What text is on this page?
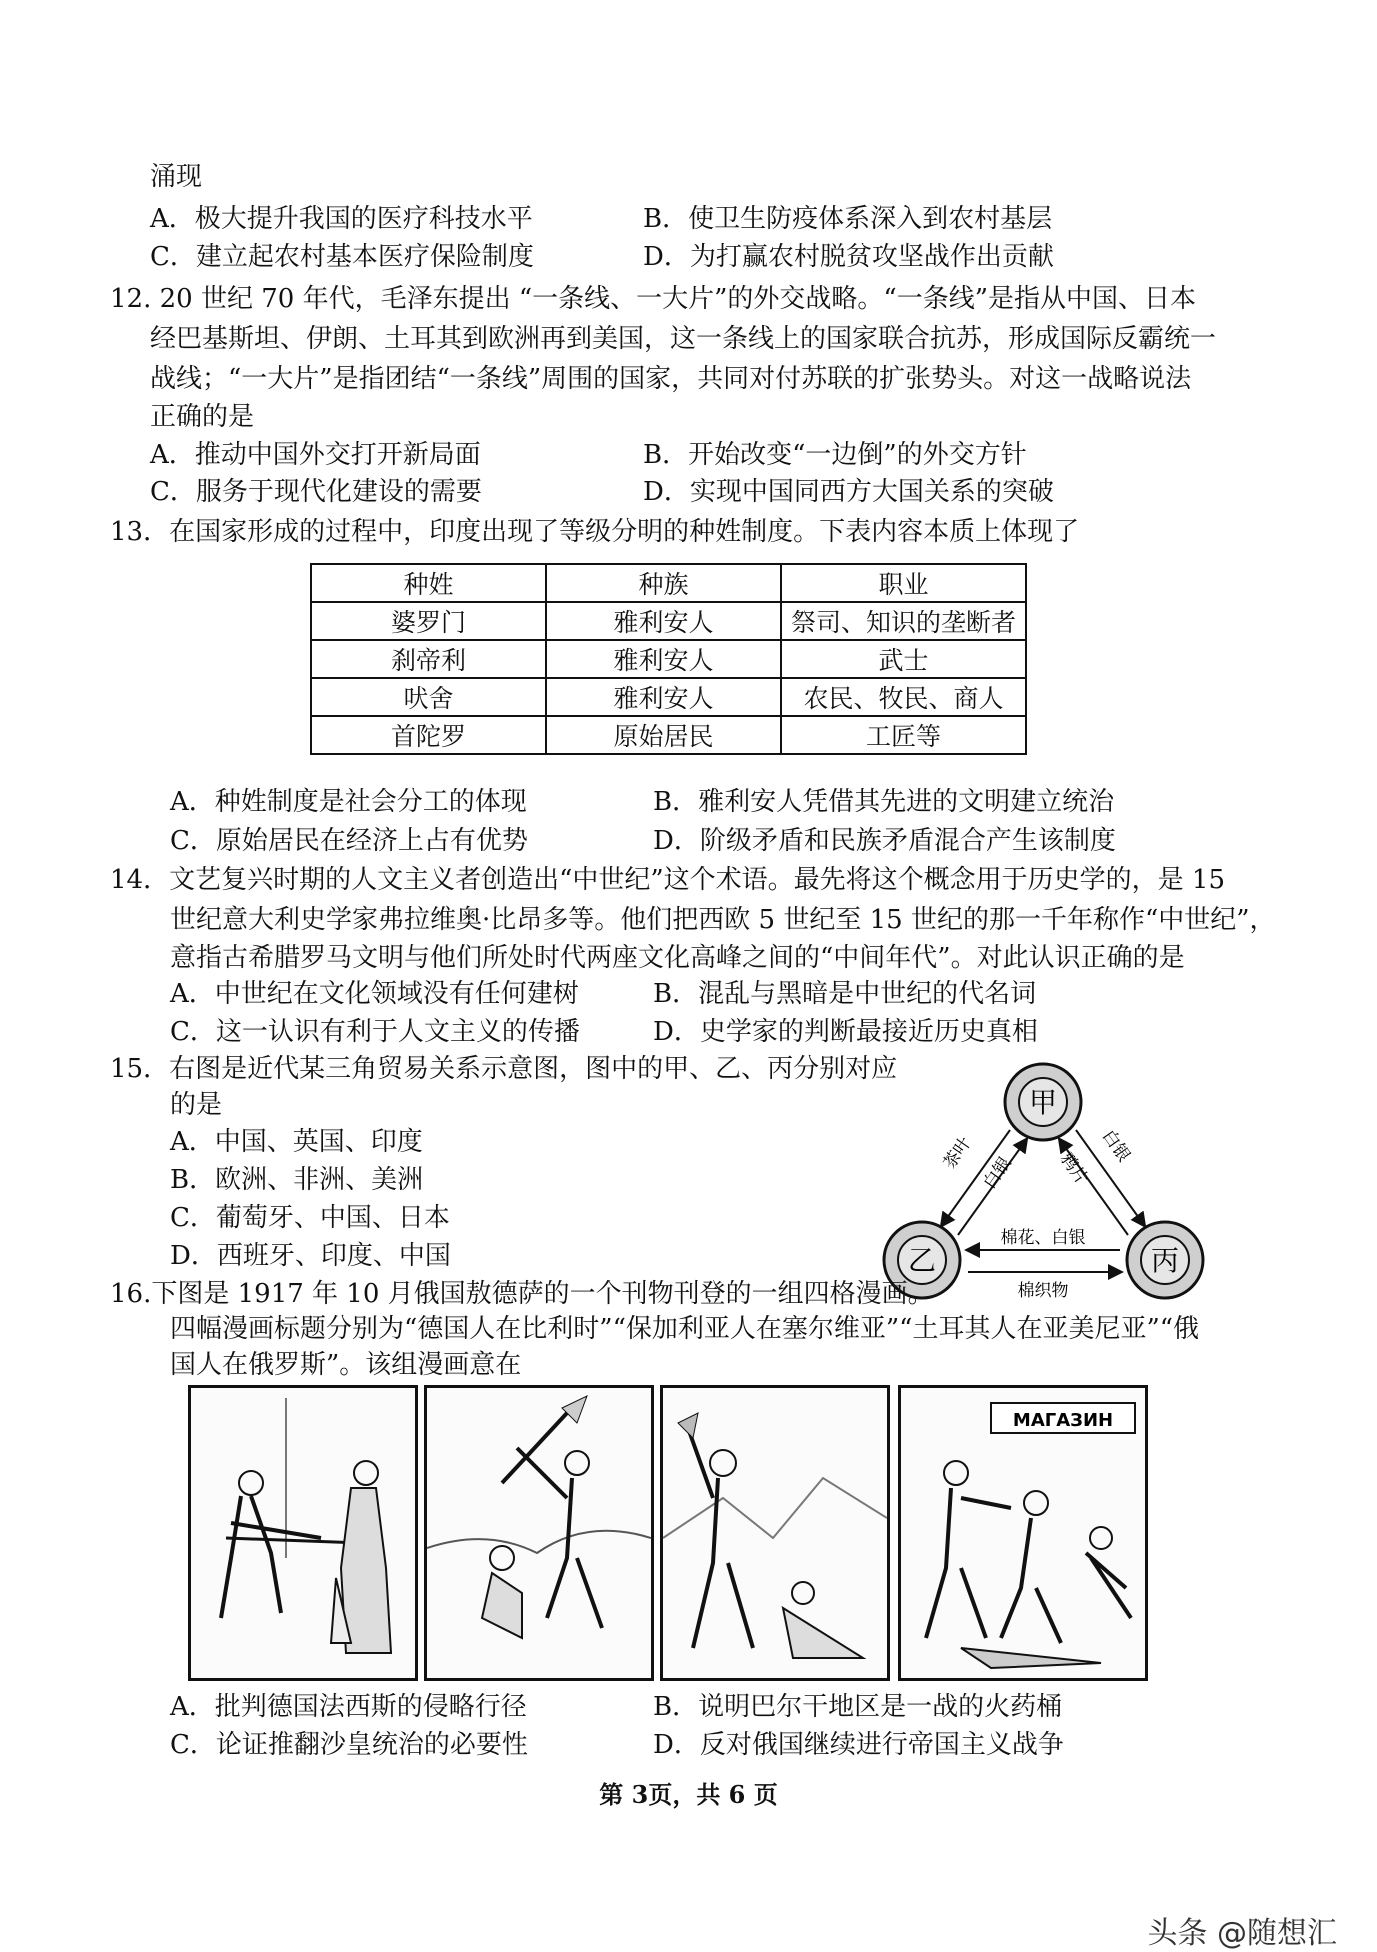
涌现
A．极大提升我国的医疗科技水平	B．使卫生防疫体系深入到农村基层
C．建立起农村基本医疗保险制度	D．为打赢农村脱贫攻坚战作出贡献
12. 20 世纪 70 年代，毛泽东提出 “一条线、一大片”的外交战略。“一条线”是指从中国、日本
经巴基斯坦、伊朗、土耳其到欧洲再到美国，这一条线上的国家联合抗苏，形成国际反霸统一
战线；“一大片”是指团结“一条线”周围的国家，共同对付苏联的扩张势头。对这一战略说法
正确的是
A．推动中国外交打开新局面	B．开始改变“一边倒”的外交方针
C．服务于现代化建设的需要	D．实现中国同西方大国关系的突破
13．在国家形成的过程中，印度出现了等级分明的种姓制度。下表内容本质上体现了
种姓	种族	职业
婆罗门	雅利安人	祭司、知识的垄断者
刹帝利	雅利安人	武士
吠舍	雅利安人	农民、牧民、商人
首陀罗	原始居民	工匠等
A．种姓制度是社会分工的体现	B．雅利安人凭借其先进的文明建立统治
C．原始居民在经济上占有优势	D．阶级矛盾和民族矛盾混合产生该制度
14．文艺复兴时期的人文主义者创造出“中世纪”这个术语。最先将这个概念用于历史学的，是 15
世纪意大利史学家弗拉维奥·比昂多等。他们把西欧 5 世纪至 15 世纪的那一千年称作“中世纪”，
意指古希腊罗马文明与他们所处时代两座文化高峰之间的“中间年代”。对此认识正确的是
A．中世纪在文化领域没有任何建树	B．混乱与黑暗是中世纪的代名词
C．这一认识有利于人文主义的传播	D．史学家的判断最接近历史真相
15．右图是近代某三角贸易关系示意图，图中的甲、乙、丙分别对应
的是
A．中国、英国、印度
B．欧洲、非洲、美洲
C．葡萄牙、中国、日本
D．西班牙、印度、中国
甲
乙	丙
茶叶
白银
白银
鸦片
棉花、白银
棉织物
16.下图是 1917 年 10 月俄国敖德萨的一个刊物刊登的一组四格漫画。
四幅漫画标题分别为“德国人在比利时”“保加利亚人在塞尔维亚”“土耳其人在亚美尼亚”“俄
国人在俄罗斯”。该组漫画意在
МАГАЗИН
A．批判德国法西斯的侵略行径	B．说明巴尔干地区是一战的火药桶
C．论证推翻沙皇统治的必要性	D．反对俄国继续进行帝国主义战争
第 3页，共 6 页
头条 @随想汇
